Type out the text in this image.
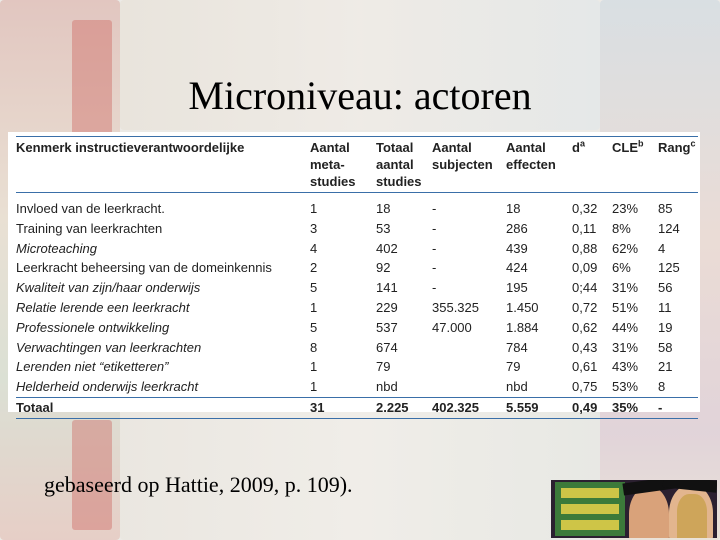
Microniveau: actoren
Kenmerk instructieverantwoordelijke	Aantal meta-studies	Totaal aantal studies	Aantal subjecten	Aantal effecten	$d^a$	CLE$^b$	Rang$^c$
Invloed van de leerkracht.	1	18	-	18	0,32	23%	85
Training van leerkrachten	3	53	-	286	0,11	8%	124
Microteaching	4	402	-	439	0,88	62%	4
Leerkracht beheersing van de domeinkennis	2	92	-	424	0,09	6%	125
Kwaliteit van zijn/haar onderwijs	5	141	-	195	0;44	31%	56
Relatie lerende een leerkracht	1	229	355.325	1.450	0,72	51%	11
Professionele ontwikkeling	5	537	47.000	1.884	0,62	44%	19
Verwachtingen van leerkrachten	8	674		784	0,43	31%	58
Lerenden niet “etiketteren”	1	79		79	0,61	43%	21
Helderheid onderwijs leerkracht	1	nbd		nbd	0,75	53%	8
Totaal	31	2.225	402.325	5.559	0,49	35%	-
gebaseerd op Hattie, 2009, p. 109).
